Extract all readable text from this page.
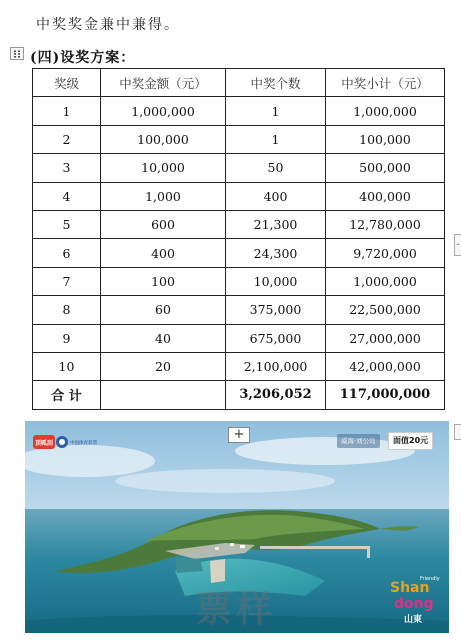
中奖奖金兼中兼得。
(四)设奖方案：
奖级	中奖金额（元）	中奖个数	中奖小计（元）
1	1,000,000	1	1,000,000
2	100,000	1	100,000
3	10,000	50	500,000
4	1,000	400	400,000
5	600	21,300	12,780,000
6	400	24,300	9,720,000
7	100	10,000	1,000,000
8	60	375,000	22,500,000
9	40	675,000	27,000,000
10	20	2,100,000	42,000,000
合 计		3,206,052	117,000,000
-
顶呱刮	中国体育彩票
+	威海·刘公岛	面值20元
票样
Shan
dong
Friendly
山東
